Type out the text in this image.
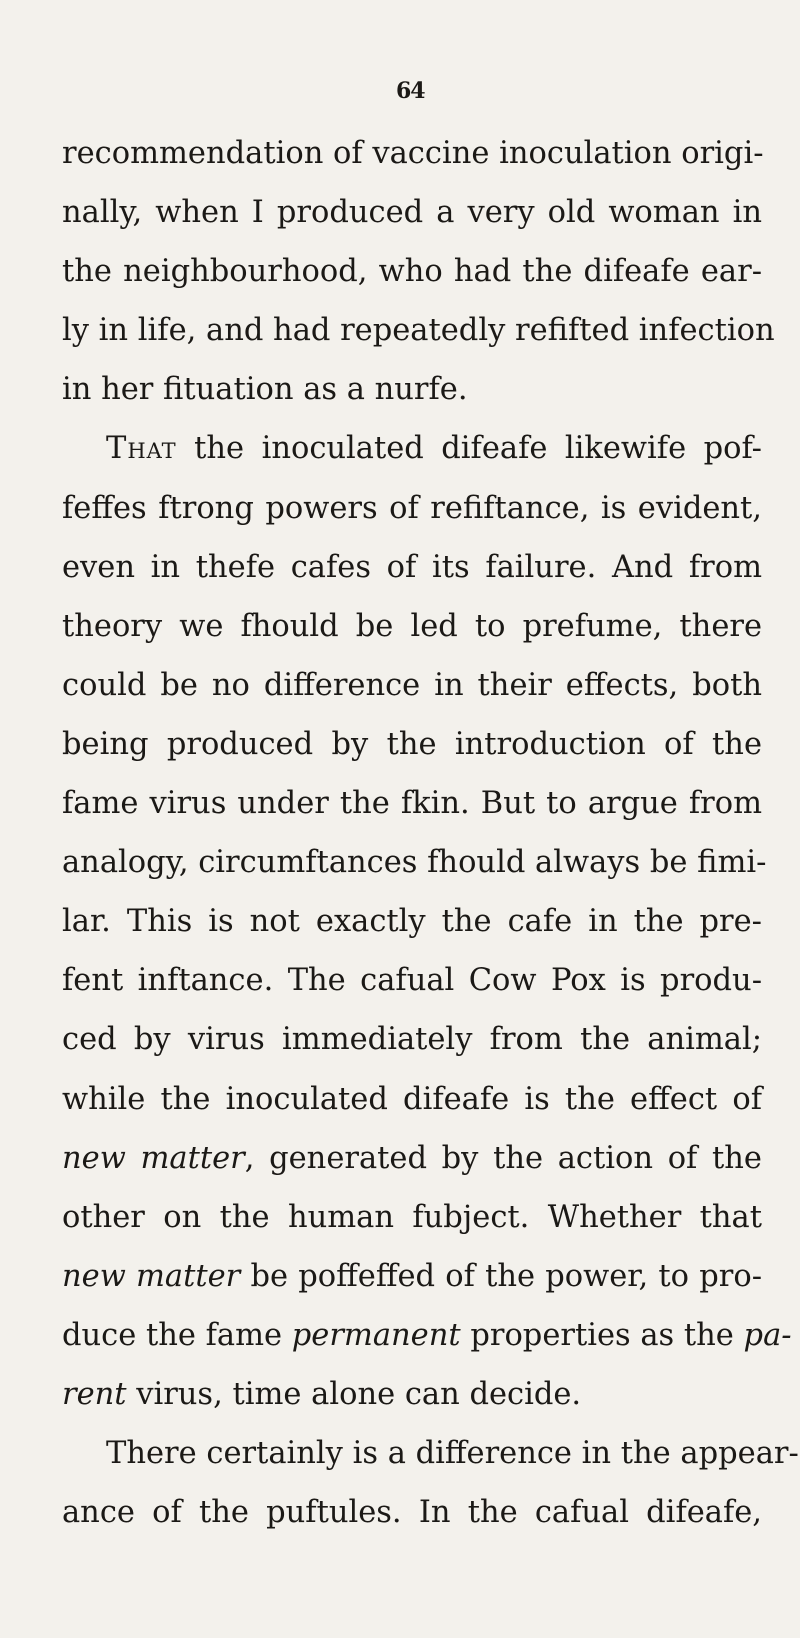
64
recommendation of vaccine inoculation origi-
nally, when I produced a very old woman in
the neighbourhood, who had the difeafe ear-
ly in life, and had repeatedly refifted infection
in her fituation as a nurfe.
That the inoculated difeafe likewife pof-
feffes ftrong powers of refiftance, is evident,
even in thefe cafes of its failure. And from
theory we fhould be led to prefume, there
could be no difference in their effects, both
being produced by the introduction of the
fame virus under the fkin. But to argue from
analogy, circumftances fhould always be fimi-
lar. This is not exactly the cafe in the pre-
fent inftance. The cafual Cow Pox is produ-
ced by virus immediately from the animal;
while the inoculated difeafe is the effect of
new matter, generated by the action of the
other on the human fubject. Whether that
new matter be poffeffed of the power, to pro-
duce the fame permanent properties as the pa-
rent virus, time alone can decide.
There certainly is a difference in the appear-
ance of the puftules. In the cafual difeafe,
